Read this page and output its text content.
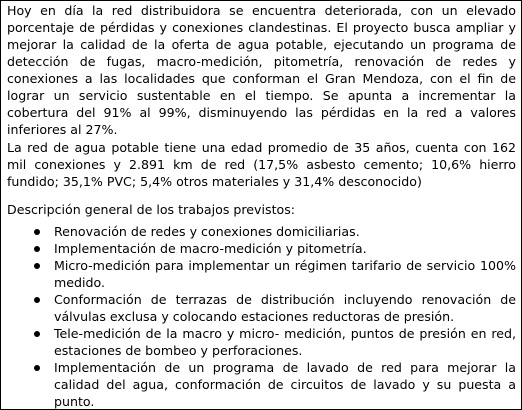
Hoy en día la red distribuidora se encuentra deteriorada, con un elevado porcentaje de pérdidas y conexiones clandestinas. El proyecto busca ampliar y mejorar la calidad de la oferta de agua potable, ejecutando un programa de detección de fugas, macro-medición, pitometría, renovación de redes y conexiones a las localidades que conforman el Gran Mendoza, con el fin de lograr un servicio sustentable en el tiempo. Se apunta a incrementar la cobertura del 91% al 99%, disminuyendo las pérdidas en la red a valores inferiores al 27%.

La red de agua potable tiene una edad promedio de 35 años, cuenta con 162 mil conexiones y 2.891 km de red (17,5% asbesto cemento; 10,6% hierro fundido; 35,1% PVC; 5,4% otros materiales y 31,4% desconocido)

Descripción general de los trabajos previstos:

Renovación de redes y conexiones domiciliarias.
Implementación de macro-medición y pitometría.
Micro-medición para implementar un régimen tarifario de servicio 100% medido.
Conformación de terrazas de distribución incluyendo renovación de válvulas exclusa y colocando estaciones reductoras de presión.
Tele-medición de la macro y micro- medición, puntos de presión en red, estaciones de bombeo y perforaciones.
Implementación de un programa de lavado de red para mejorar la calidad del agua, conformación de circuitos de lavado y su puesta a punto.
